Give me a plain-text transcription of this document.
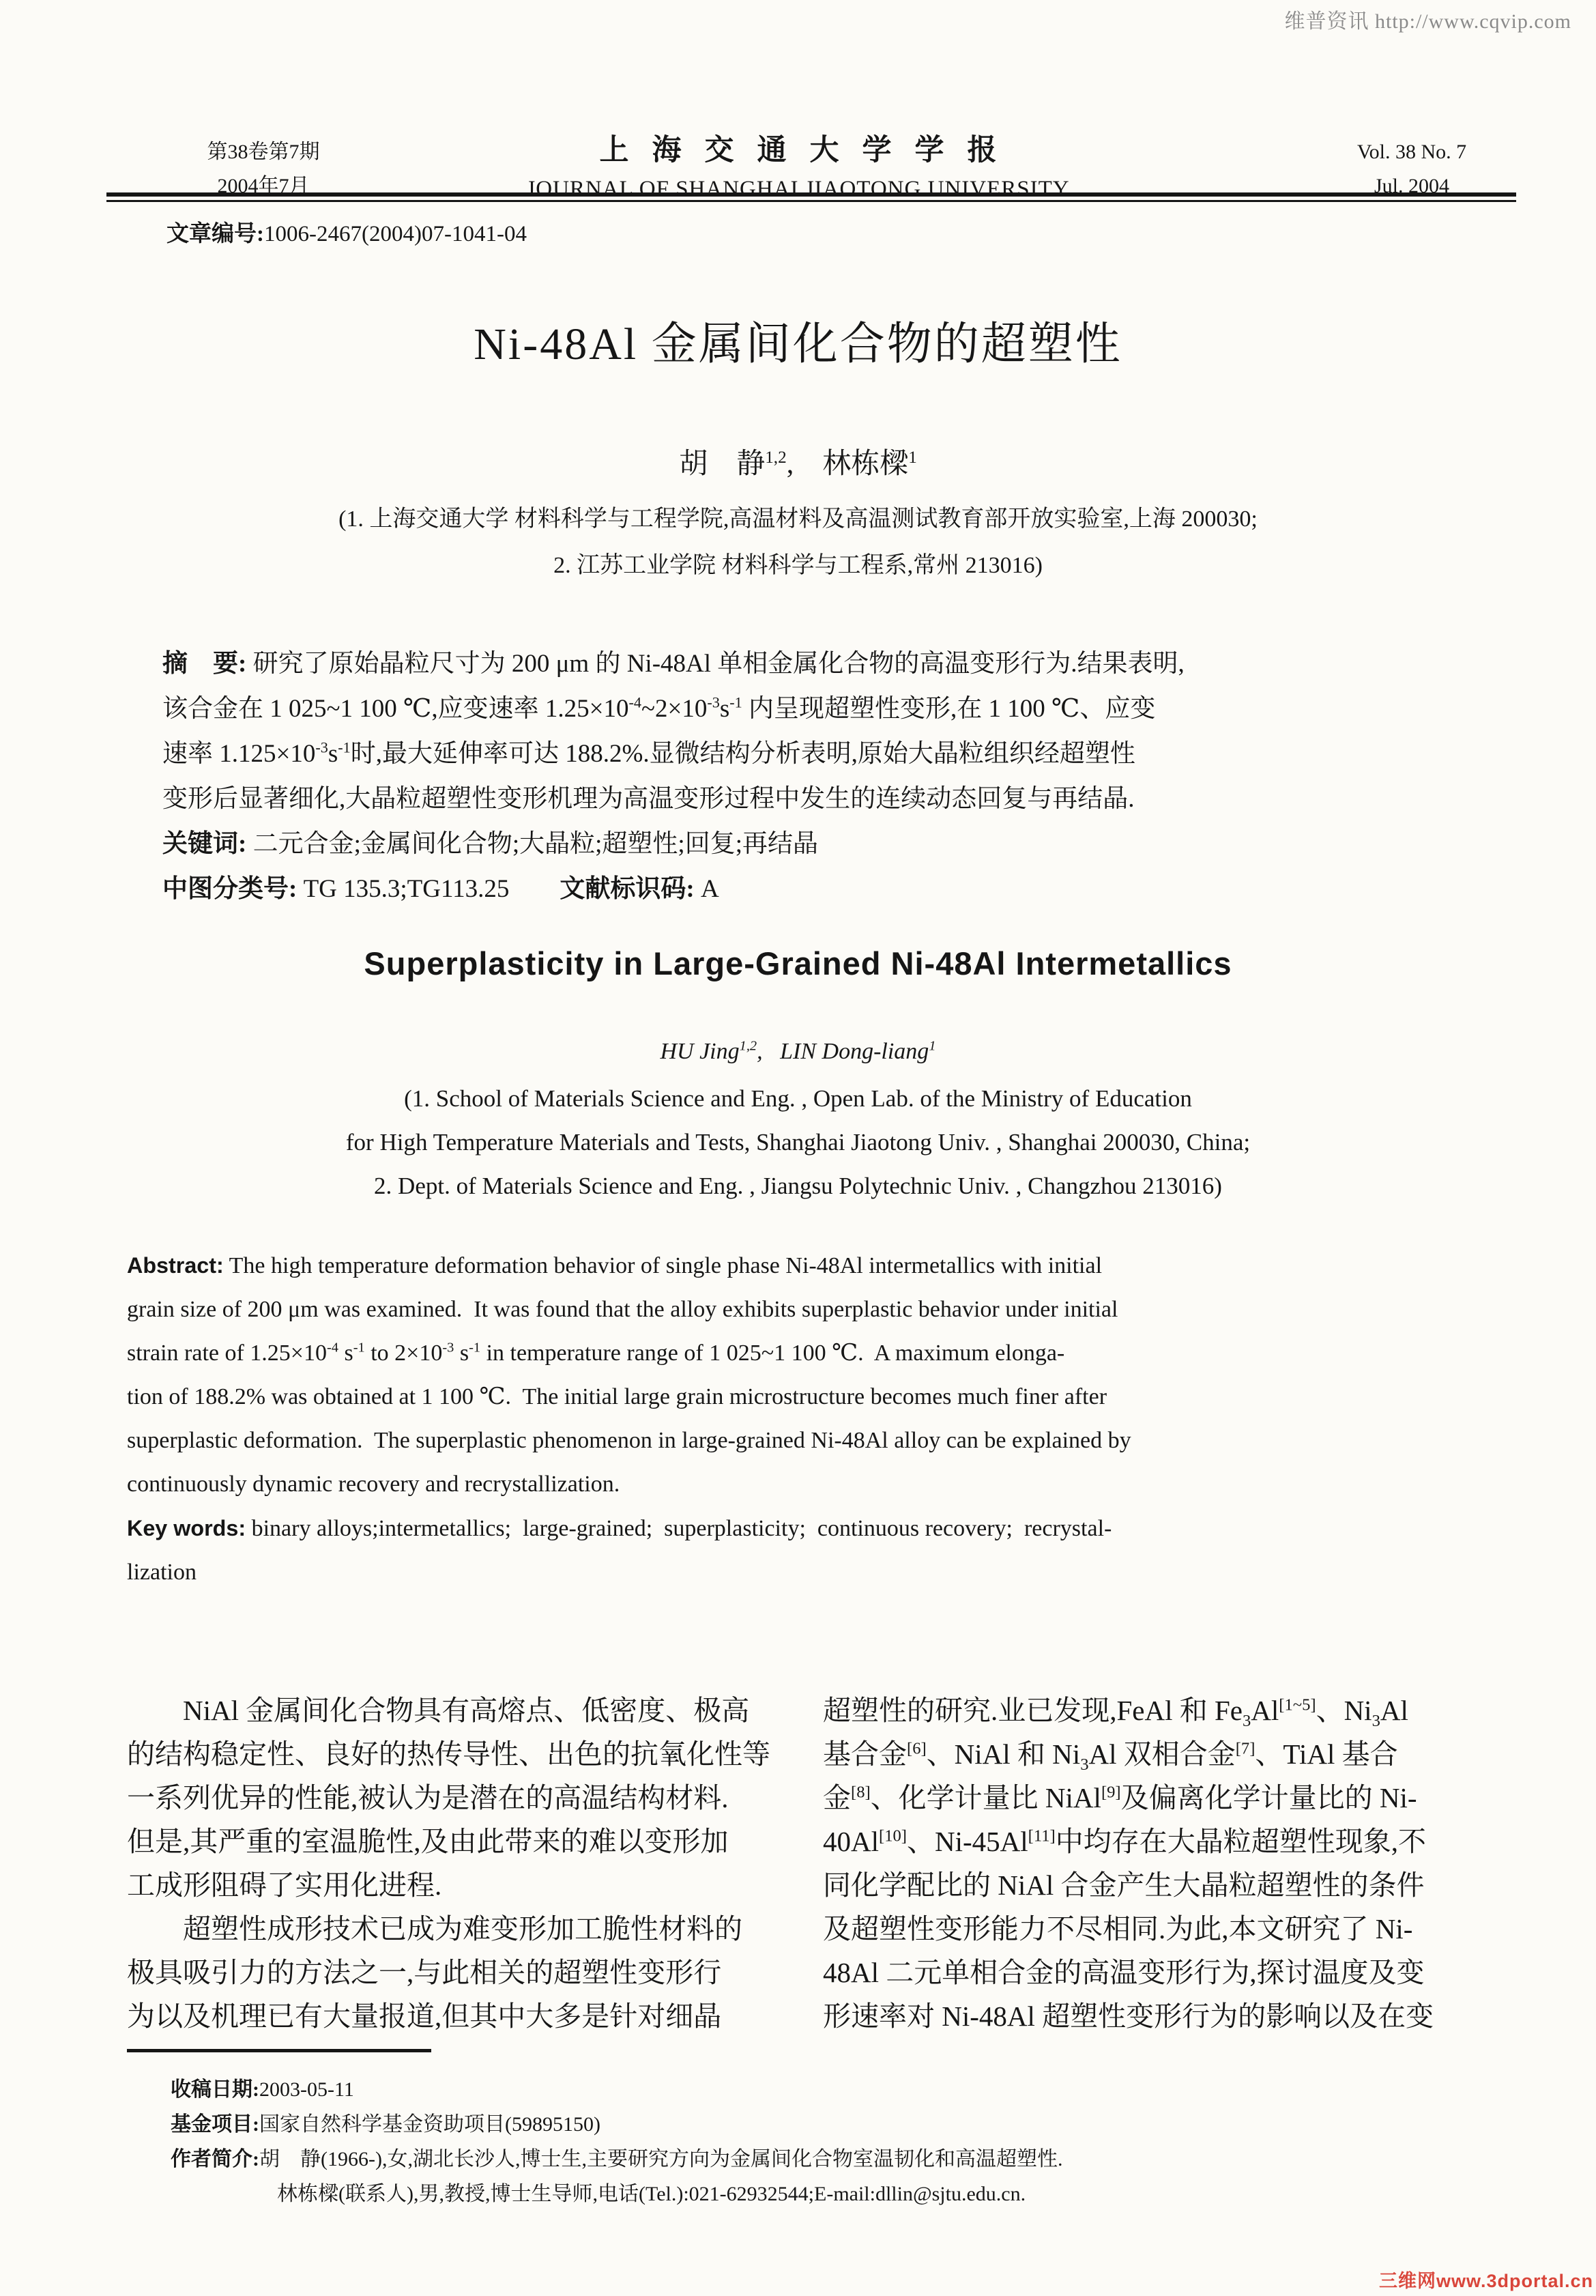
维普资讯 http://www.cqvip.com
第38卷第7期
2004年7月
上海交通大学学报
JOURNAL OF SHANGHAI JIAOTONG UNIVERSITY
Vol. 38 No. 7
Jul. 2004
文章编号:1006-2467(2004)07-1041-04
Ni-48Al 金属间化合物的超塑性
胡　静$^{1,2}$,　林栋樑$^1$
(1. 上海交通大学 材料科学与工程学院,高温材料及高温测试教育部开放实验室,上海 200030;
2. 江苏工业学院 材料科学与工程系,常州 213016)
摘　要: 研究了原始晶粒尺寸为 200 μm 的 Ni-48Al 单相金属化合物的高温变形行为.结果表明,
该合金在 1 025~1 100 ℃,应变速率 $1.25\times 10^{-4}\sim 2\times 10^{-3}s^{-1}$ 内呈现超塑性变形,在 1 100 ℃、应变
速率 $1.125\times 10^{-3}s^{-1}$时,最大延伸率可达 188.2%.显微结构分析表明,原始大晶粒组织经超塑性
变形后显著细化,大晶粒超塑性变形机理为高温变形过程中发生的连续动态回复与再结晶.
关键词: 二元合金;金属间化合物;大晶粒;超塑性;回复;再结晶
中图分类号: TG 135.3;TG113.25        文献标识码: A
Superplasticity in Large-Grained Ni-48Al Intermetallics
HU Jing$^{1,2}$,   LIN Dong-liang$^1$
(1. School of Materials Science and Eng. , Open Lab. of the Ministry of Education
for High Temperature Materials and Tests, Shanghai Jiaotong Univ. , Shanghai 200030, China;
2. Dept. of Materials Science and Eng. , Jiangsu Polytechnic Univ. , Changzhou 213016)
Abstract: The high temperature deformation behavior of single phase Ni-48Al intermetallics with initial
grain size of 200 μm was examined.  It was found that the alloy exhibits superplastic behavior under initial
strain rate of $1.25\times 10^{-4}$ $s^{-1}$ to $2\times 10^{-3}$ $s^{-1}$ in temperature range of 1 025~1 100 ℃.  A maximum elonga-
tion of 188.2% was obtained at 1 100 ℃.  The initial large grain microstructure becomes much finer after
superplastic deformation.  The superplastic phenomenon in large-grained Ni-48Al alloy can be explained by
continuously dynamic recovery and recrystallization.
Key words: binary alloys;intermetallics;  large-grained;  superplasticity;  continuous recovery;  recrystal-
lization
　　NiAl 金属间化合物具有高熔点、低密度、极高
的结构稳定性、良好的热传导性、出色的抗氧化性等
一系列优异的性能,被认为是潜在的高温结构材料.
但是,其严重的室温脆性,及由此带来的难以变形加
工成形阻碍了实用化进程.
　　超塑性成形技术已成为难变形加工脆性材料的
极具吸引力的方法之一,与此相关的超塑性变形行
为以及机理已有大量报道,但其中大多是针对细晶
超塑性的研究.业已发现,FeAl 和 $Fe_3Al[1\sim 5]$、$Ni_3Al$
基合金[6]、NiAl 和 $Ni_3Al$ 双相合金[7]、TiAl 基合
金[8]、化学计量比 NiAl[9]及偏离化学计量比的 Ni-
40Al[10]、Ni-45Al[11]中均存在大晶粒超塑性现象,不
同化学配比的 NiAl 合金产生大晶粒超塑性的条件
及超塑性变形能力不尽相同.为此,本文研究了 Ni-
48Al 二元单相合金的高温变形行为,探讨温度及变
形速率对 Ni-48Al 超塑性变形行为的影响以及在变
收稿日期:2003-05-11
基金项目:国家自然科学基金资助项目(59895150)
作者简介:胡　静(1966-),女,湖北长沙人,博士生,主要研究方向为金属间化合物室温韧化和高温超塑性.
林栋樑(联系人),男,教授,博士生导师,电话(Tel.):021-62932544;E-mail:dllin@sjtu.edu.cn.
三维网www.3dportal.cn
